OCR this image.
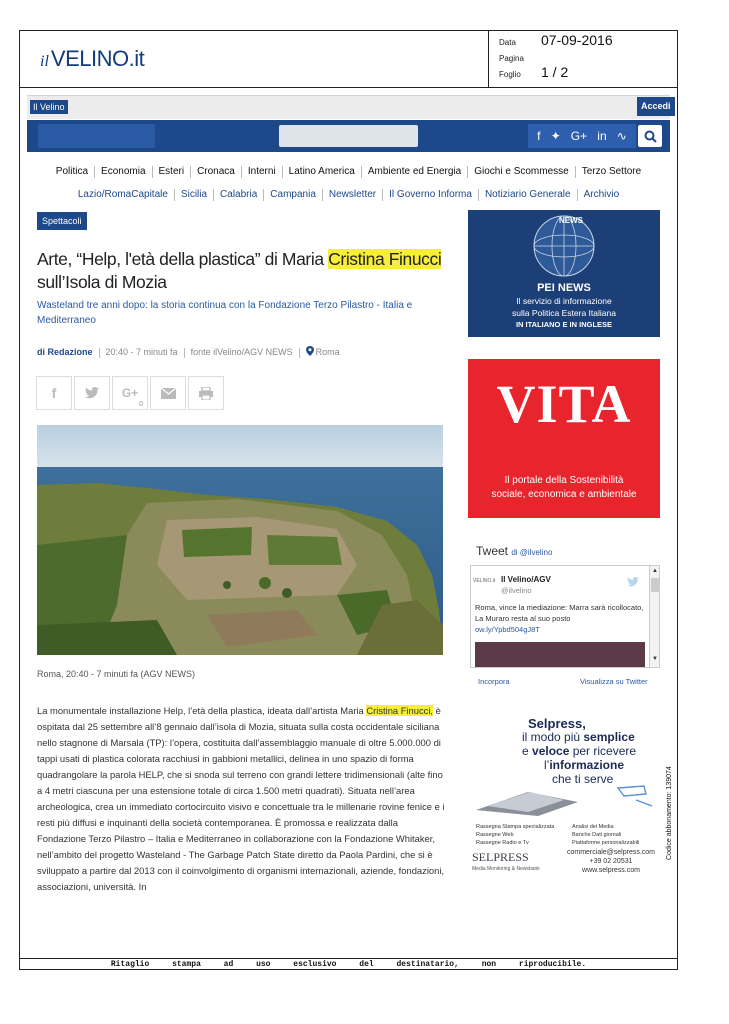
ilVELINO.it
Data 07-09-2016
Pagina
Foglio 1 / 2
Il Velino	Accedi
f ✦ G+ in ∿
Politica	Economia	Esteri	Cronaca	Interni	Latino America	Ambiente ed Energia	Giochi e Scommesse	Terzo Settore
Lazio/RomaCapitale	Sicilia	Calabria	Campania	Newsletter	Il Governo Informa	Notiziario Generale	Archivio
Spettacoli
Arte, “Help, l'età della plastica” di Maria Cristina Finucci sull’Isola di Mozia
Wasteland tre anni dopo: la storia continua con la Fondazione Terzo Pilastro - Italia e Mediterraneo
di Redazione 20:40 - 7 minuti fa fonte ilVelino/AGV NEWS	Roma
f	G+
0
Roma, 20:40 - 7 minuti fa (AGV NEWS)
La monumentale installazione Help, l’età della plastica, ideata dall’artista Maria Cristina Finucci, è ospitata dal 25 settembre all’8 gennaio dall’isola di Mozia, situata sulla costa occidentale siciliana nello stagnone di Marsala (TP): l’opera, costituita dall’assemblaggio manuale di oltre 5.000.000 di tappi usati di plastica colorata racchiusi in gabbioni metallici, delinea in uno spazio di forma quadrangolare la parola HELP, che si snoda sul terreno con grandi lettere tridimensionali (alte fino a 4 metri ciascuna per una estensione totale di circa 1.500 metri quadrati). Situata nell’area archeologica, crea un immediato cortocircuito visivo e concettuale tra le millenarie rovine fenice e i resti più diffusi e inquinanti della società contemporanea. È promossa e realizzata dalla Fondazione Terzo Pilastro – Italia e Mediterraneo in collaborazione con la Fondazione Whitaker, nell’ambito del progetto Wasteland - The Garbage Patch State diretto da Paola Pardini, che si è sviluppato a partire dal 2013 con il coinvolgimento di organismi internazionali, aziende, fondazioni, associazioni, università. In
NEWS
PEI NEWS
Il servizio di informazione
sulla Politica Estera Italiana
IN ITALIANO E IN INGLESE
VITA
Il portale della Sostenibilità
sociale, economica e ambientale
Tweet di @ilvelino
VELINO.it Il Velino/AGV
@ilvelino
Roma, vince la mediazione: Marra sarà ricollocato, La Muraro resta al suo posto
ow.ly/Ypbd504gJ8T
▲
▼
Incorpora	Visualizza su Twitter
Selpress,
il modo più semplice
e veloce per ricevere
l’informazione
che ti serve
Rassegna Stampa specializzata
Rassegne Web
Rassegne Radio e Tv
Analisi dei Media
Banche Dati giornali
Piattaforme personalizzabili
SELPRESS
Media Monitoring & Newsbank
commerciale@selpress.com
+39 02 20531
www.selpress.com
Codice abbonamento: 139074
Ritaglio stampa ad uso esclusivo del destinatario, non riproducibile.
